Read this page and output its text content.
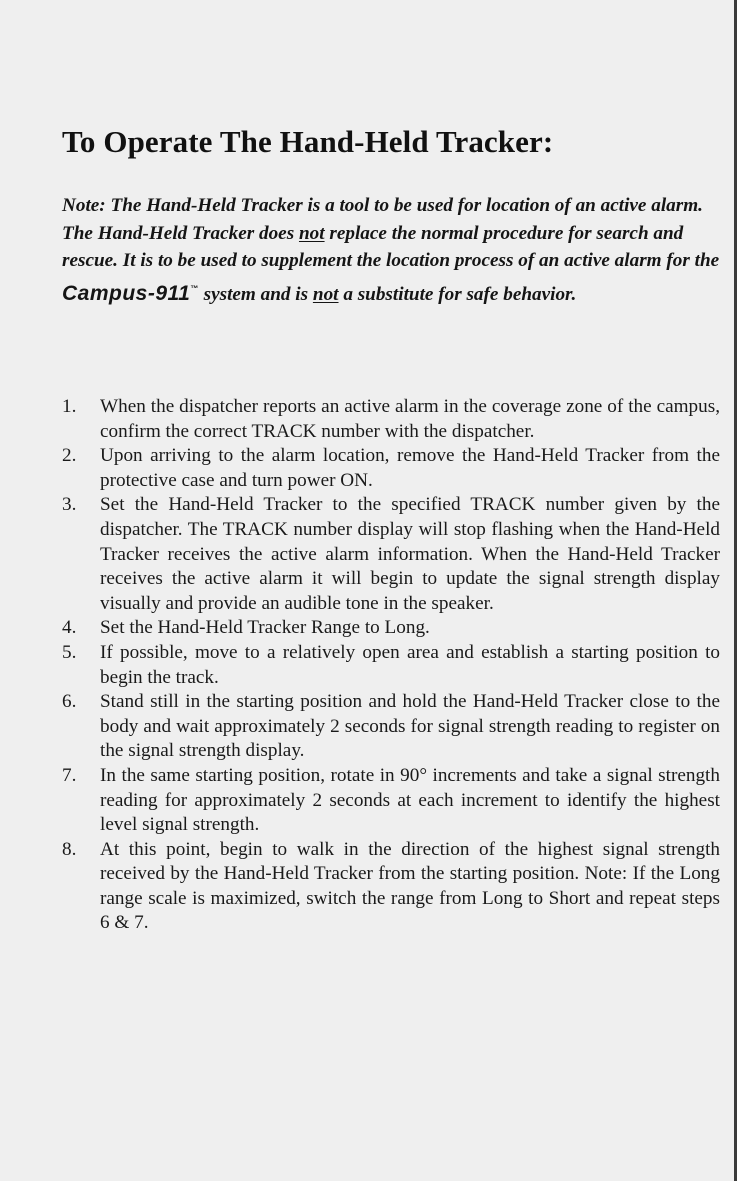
To Operate The Hand-Held Tracker:

Note: The Hand-Held Tracker is a tool to be used for location of an active alarm. The Hand-Held Tracker does not replace the normal procedure for search and rescue. It is to be used to supplement the location process of an active alarm for the Campus-911™ system and is not a substitute for safe behavior.

1.	When the dispatcher reports an active alarm in the coverage zone of the campus, confirm the correct TRACK number with the dispatcher.
2.	Upon arriving to the alarm location, remove the Hand-Held Tracker from the protective case and turn power ON.
3.	Set the Hand-Held Tracker to the specified TRACK number given by the dispatcher. The TRACK number display will stop flashing when the Hand-Held Tracker receives the active alarm information. When the Hand-Held Tracker receives the active alarm it will begin to update the signal strength display visually and provide an audible tone in the speaker.
4.	Set the Hand-Held Tracker Range to Long.
5.	If possible, move to a relatively open area and establish a starting position to begin the track.
6.	Stand still in the starting position and hold the Hand-Held Tracker close to the body and wait approximately 2 seconds for signal strength reading to register on the signal strength display.
7.	In the same starting position, rotate in 90° increments and take a signal strength reading for approximately 2 seconds at each increment to identify the highest level signal strength.
8.	At this point, begin to walk in the direction of the highest signal strength received by the Hand-Held Tracker from the starting position. Note: If the Long range scale is maximized, switch the range from Long to Short and repeat steps 6 & 7.
